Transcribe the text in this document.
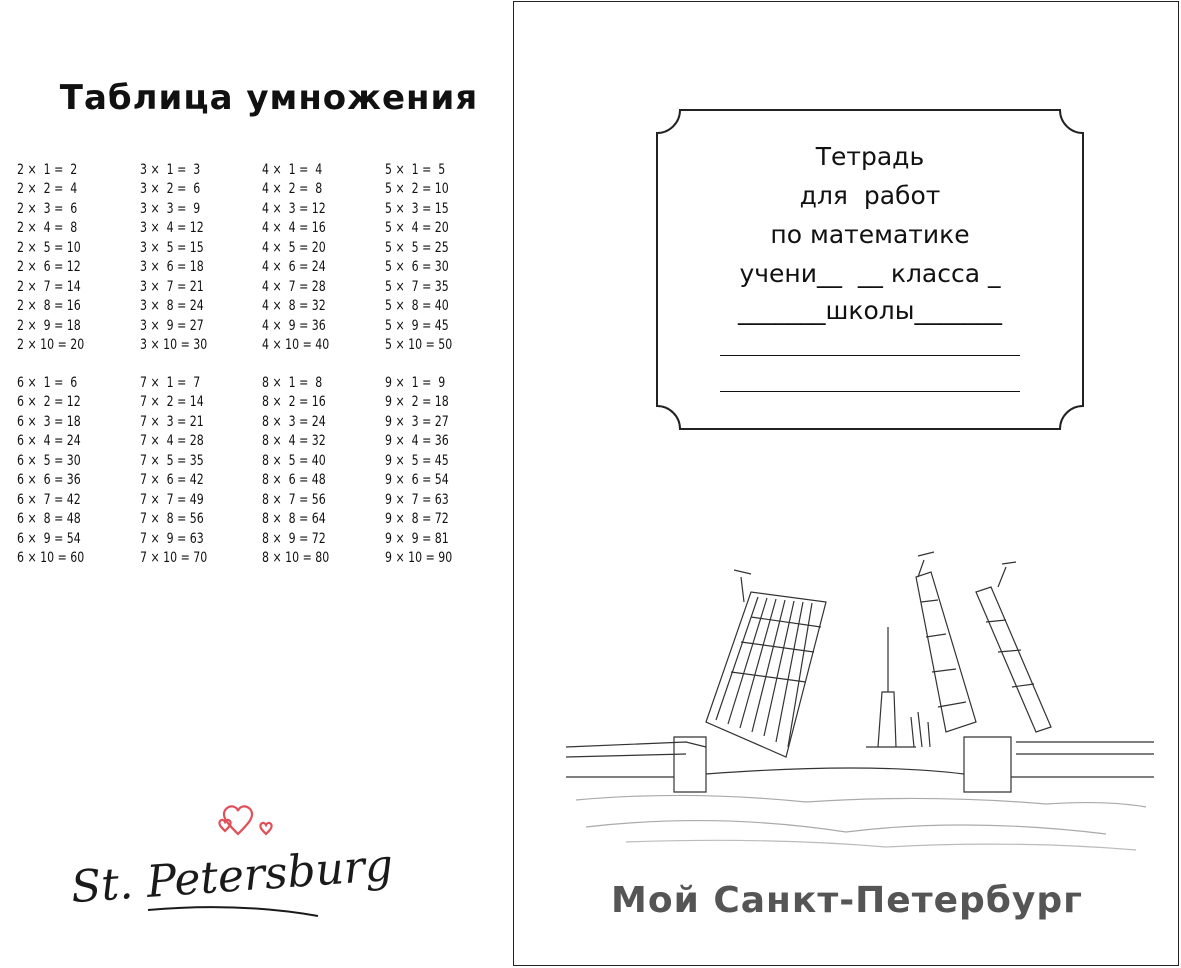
Таблица умножения
2 ×  1 =  2	3 ×  1 =  3	4 ×  1 =  4	5 ×  1 =  5
2 ×  2 =  4	3 ×  2 =  6	4 ×  2 =  8	5 ×  2 = 10
2 ×  3 =  6	3 ×  3 =  9	4 ×  3 = 12	5 ×  3 = 15
2 ×  4 =  8	3 ×  4 = 12	4 ×  4 = 16	5 ×  4 = 20
2 ×  5 = 10	3 ×  5 = 15	4 ×  5 = 20	5 ×  5 = 25
2 ×  6 = 12	3 ×  6 = 18	4 ×  6 = 24	5 ×  6 = 30
2 ×  7 = 14	3 ×  7 = 21	4 ×  7 = 28	5 ×  7 = 35
2 ×  8 = 16	3 ×  8 = 24	4 ×  8 = 32	5 ×  8 = 40
2 ×  9 = 18	3 ×  9 = 27	4 ×  9 = 36	5 ×  9 = 45
2 × 10 = 20	3 × 10 = 30	4 × 10 = 40	5 × 10 = 50
6 ×  1 =  6	7 ×  1 =  7	8 ×  1 =  8	9 ×  1 =  9
6 ×  2 = 12	7 ×  2 = 14	8 ×  2 = 16	9 ×  2 = 18
6 ×  3 = 18	7 ×  3 = 21	8 ×  3 = 24	9 ×  3 = 27
6 ×  4 = 24	7 ×  4 = 28	8 ×  4 = 32	9 ×  4 = 36
6 ×  5 = 30	7 ×  5 = 35	8 ×  5 = 40	9 ×  5 = 45
6 ×  6 = 36	7 ×  6 = 42	8 ×  6 = 48	9 ×  6 = 54
6 ×  7 = 42	7 ×  7 = 49	8 ×  7 = 56	9 ×  7 = 63
6 ×  8 = 48	7 ×  8 = 56	8 ×  8 = 64	9 ×  8 = 72
6 ×  9 = 54	7 ×  9 = 63	8 ×  9 = 72	9 ×  9 = 81
6 × 10 = 60	7 × 10 = 70	8 × 10 = 80	9 × 10 = 90
St. Petersburg
Тетрадь
для  работ
по математике
учени__  __ класса _
_______школы_______
Мой Санкт-Петербург
